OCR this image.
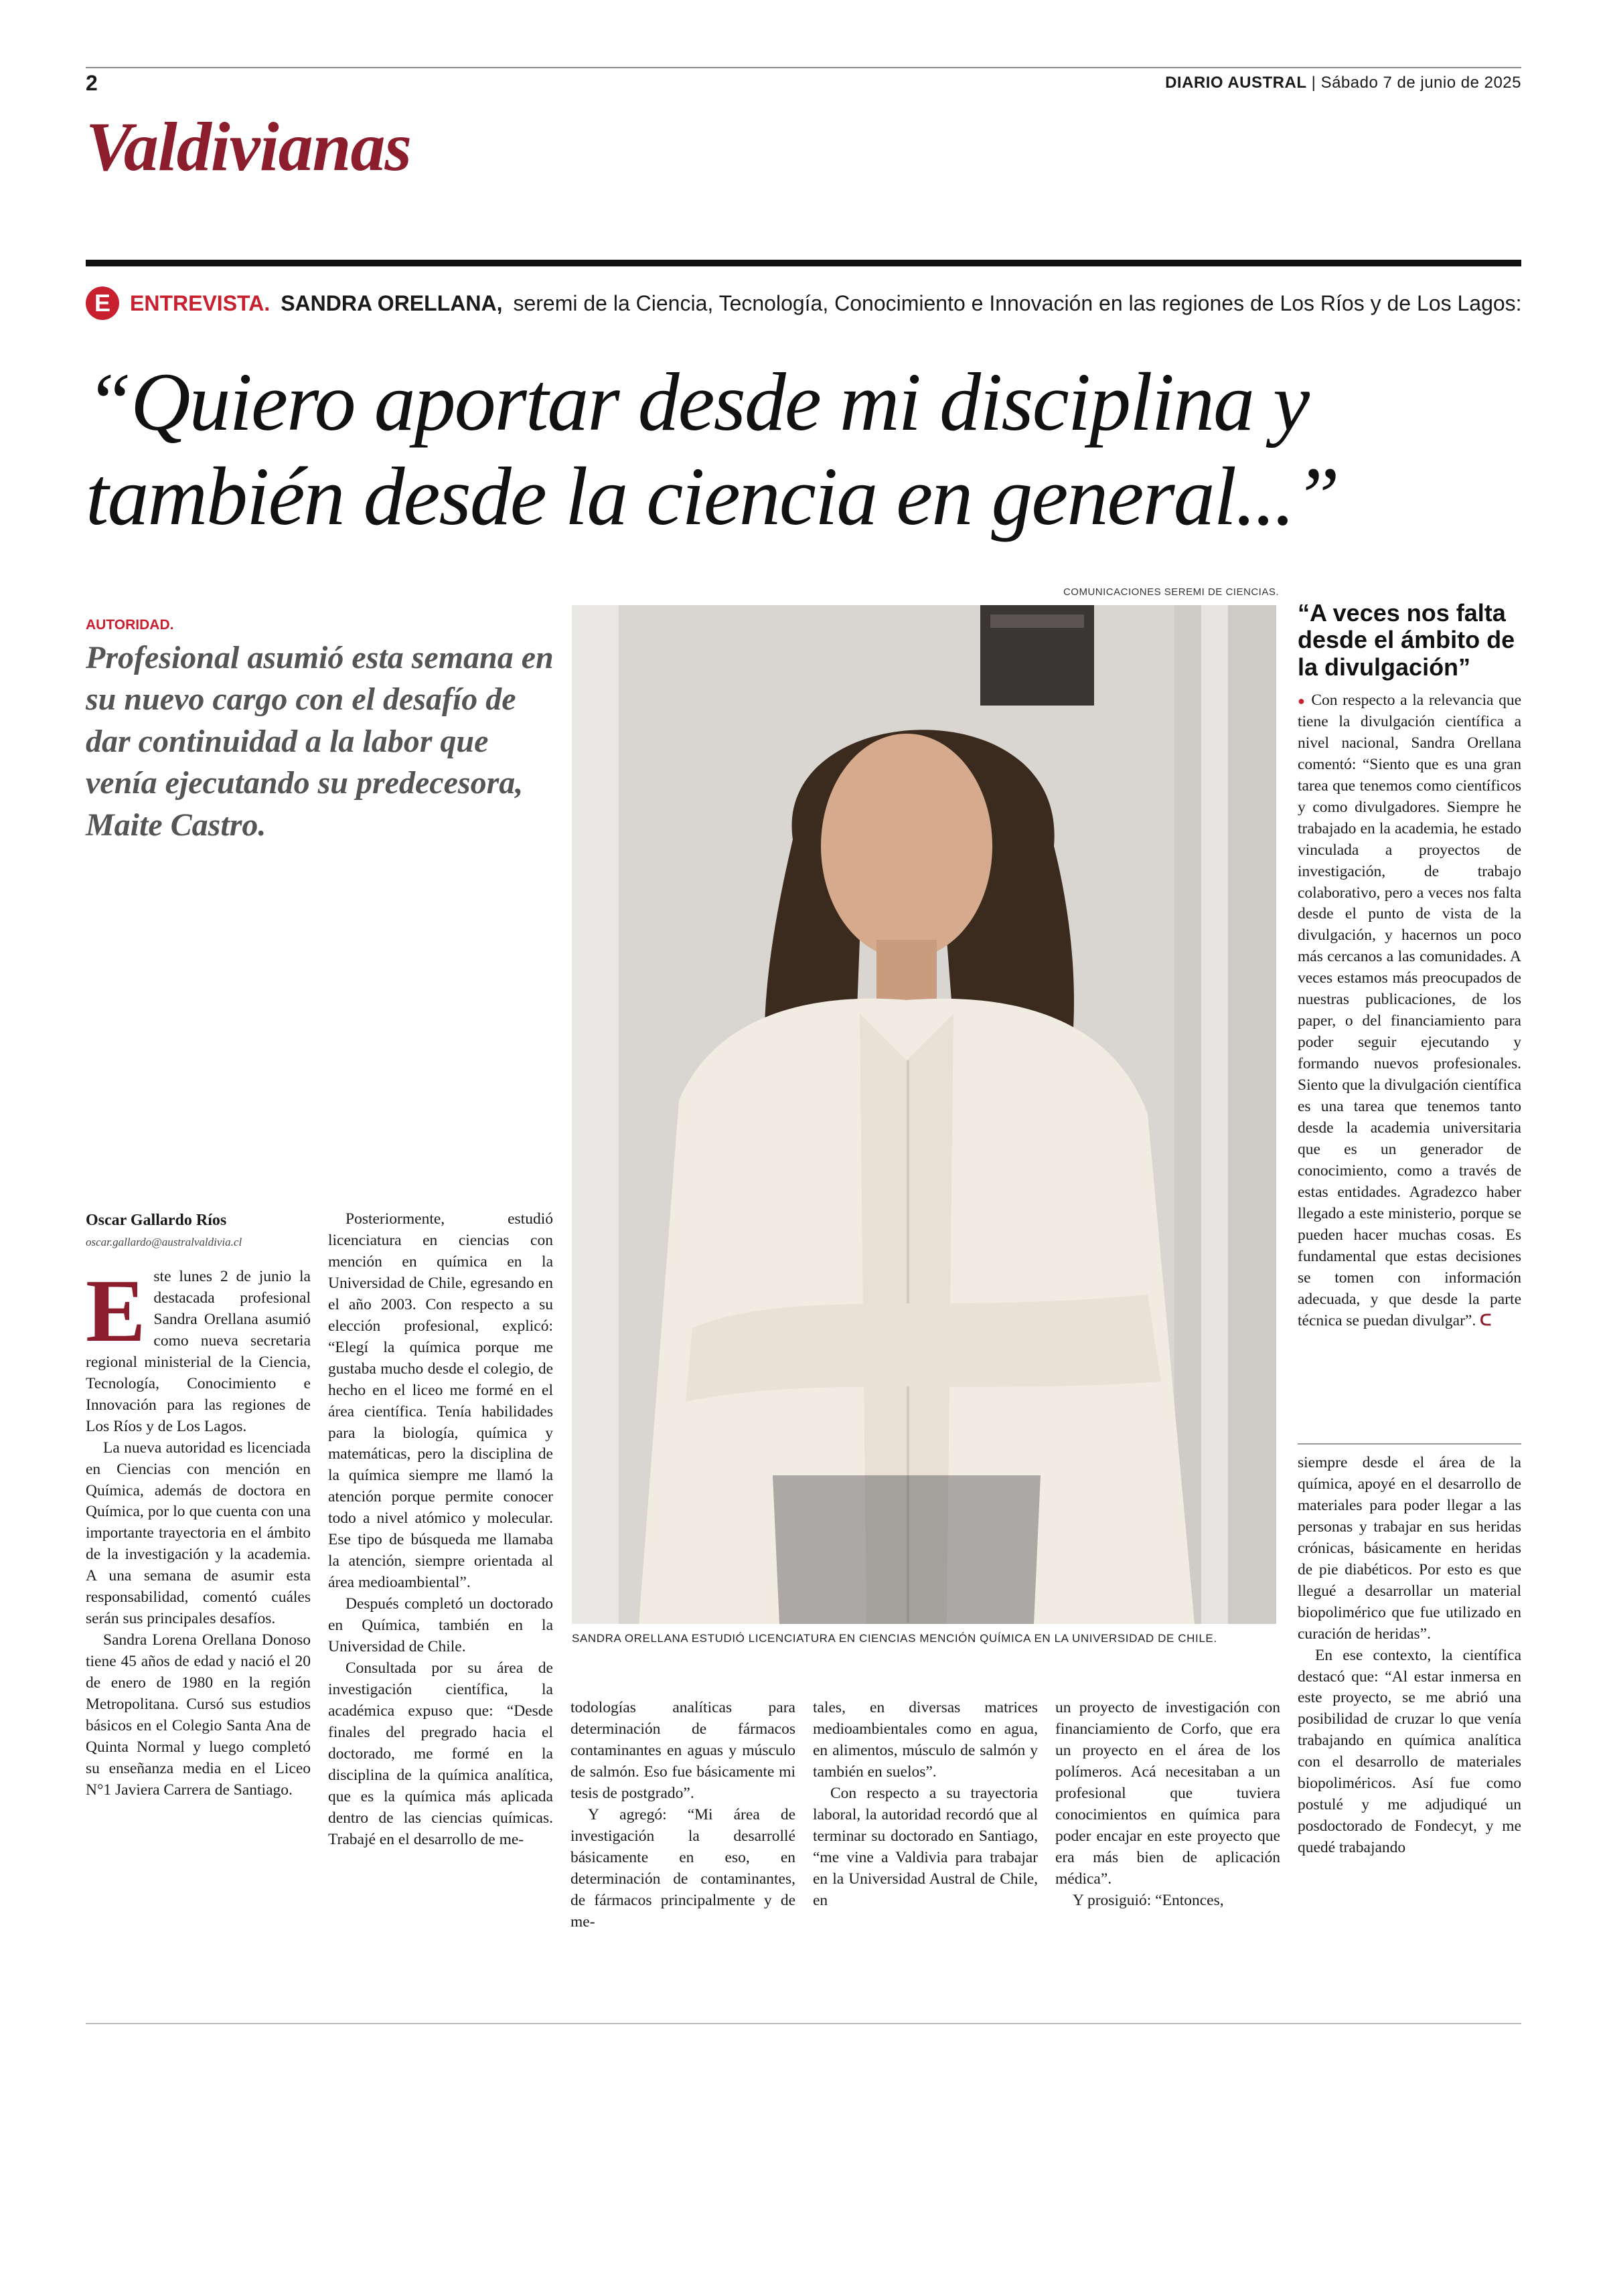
2	DIARIO AUSTRAL | Sábado 7 de junio de 2025
Valdivianas
E ENTREVISTA. SANDRA ORELLANA, seremi de la Ciencia, Tecnología, Conocimiento e Innovación en las regiones de Los Ríos y de Los Lagos:
“Quiero aportar desde mi disciplina y también desde la ciencia en general...”
AUTORIDAD.
Profesional asumió esta semana en su nuevo cargo con el desafío de dar continuidad a la labor que venía ejecutando su predecesora, Maite Castro.
COMUNICACIONES SEREMI DE CIENCIAS.
SANDRA ORELLANA ESTUDIÓ LICENCIATURA EN CIENCIAS MENCIÓN QUÍMICA EN LA UNIVERSIDAD DE CHILE.
Oscar Gallardo Ríos
oscar.gallardo@australvaldivia.cl
E ste lunes 2 de junio la destacada profesional Sandra Orellana asumió como nueva secretaria regional ministerial de la Ciencia, Tecnología, Conocimiento e Innovación para las regiones de Los Ríos y de Los Lagos.

La nueva autoridad es licenciada en Ciencias con mención en Química, además de doctora en Química, por lo que cuenta con una importante trayectoria en el ámbito de la investigación y la academia. A una semana de asumir esta responsabilidad, comentó cuáles serán sus principales desafíos.

Sandra Lorena Orellana Donoso tiene 45 años de edad y nació el 20 de enero de 1980 en la región Metropolitana. Cursó sus estudios básicos en el Colegio Santa Ana de Quinta Normal y luego completó su enseñanza media en el Liceo N°1 Javiera Carrera de Santiago.

Posteriormente, estudió licenciatura en ciencias con mención en química en la Universidad de Chile, egresando en el año 2003. Con respecto a su elección profesional, explicó: “Elegí la química porque me gustaba mucho desde el colegio, de hecho en el liceo me formé en el área científica. Tenía habilidades para la biología, química y matemáticas, pero la disciplina de la química siempre me llamó la atención porque permite conocer todo a nivel atómico y molecular. Ese tipo de búsqueda me llamaba la atención, siempre orientada al área medioambiental”.

Después completó un doctorado en Química, también en la Universidad de Chile.

Consultada por su área de investigación científica, la académica expuso que: “Desde finales del pregrado hacia el doctorado, me formé en la disciplina de la química analítica, que es la química más aplicada dentro de las ciencias químicas. Trabajé en el desarrollo de me-

todologías analíticas para determinación de fármacos contaminantes en aguas y músculo de salmón. Eso fue básicamente mi tesis de postgrado”.

Y agregó: “Mi área de investigación la desarrollé básicamente en eso, en determinación de contaminantes, de fármacos principalmente y de me-

tales, en diversas matrices medioambientales como en agua, en alimentos, músculo de salmón y también en suelos”.

Con respecto a su trayectoria laboral, la autoridad recordó que al terminar su doctorado en Santiago, “me vine a Valdivia para trabajar en la Universidad Austral de Chile, en

un proyecto de investigación con financiamiento de Corfo, que era un proyecto en el área de los polímeros. Acá necesitaban a un profesional que tuviera conocimientos en química para poder encajar en este proyecto que era más bien de aplicación médica”.

Y prosiguió: “Entonces,

siempre desde el área de la química, apoyé en el desarrollo de materiales para poder llegar a las personas y trabajar en sus heridas crónicas, básicamente en heridas de pie diabéticos. Por esto es que llegué a desarrollar un material biopolimérico que fue utilizado en curación de heridas”.

En ese contexto, la científica destacó que: “Al estar inmersa en este proyecto, se me abrió una posibilidad de cruzar lo que venía trabajando en química analítica con el desarrollo de materiales biopoliméricos. Así fue como postulé y me adjudiqué un posdoctorado de Fondecyt, y me quedé trabajando

“A veces nos falta desde el ámbito de la divulgación”
● Con respecto a la relevancia que tiene la divulgación científica a nivel nacional, Sandra Orellana comentó: “Siento que es una gran tarea que tenemos como científicos y como divulgadores. Siempre he trabajado en la academia, he estado vinculada a proyectos de investigación, de trabajo colaborativo, pero a veces nos falta desde el punto de vista de la divulgación, y hacernos un poco más cercanos a las comunidades. A veces estamos más preocupados de nuestras publicaciones, de los paper, o del financiamiento para poder seguir ejecutando y formando nuevos profesionales. Siento que la divulgación científica es una tarea que tenemos tanto desde la academia universitaria que es un generador de conocimiento, como a través de estas entidades. Agradezco haber llegado a este ministerio, porque se pueden hacer muchas cosas. Es fundamental que estas decisiones se tomen con información adecuada, y que desde la parte técnica se puedan divulgar”. ᑕ
